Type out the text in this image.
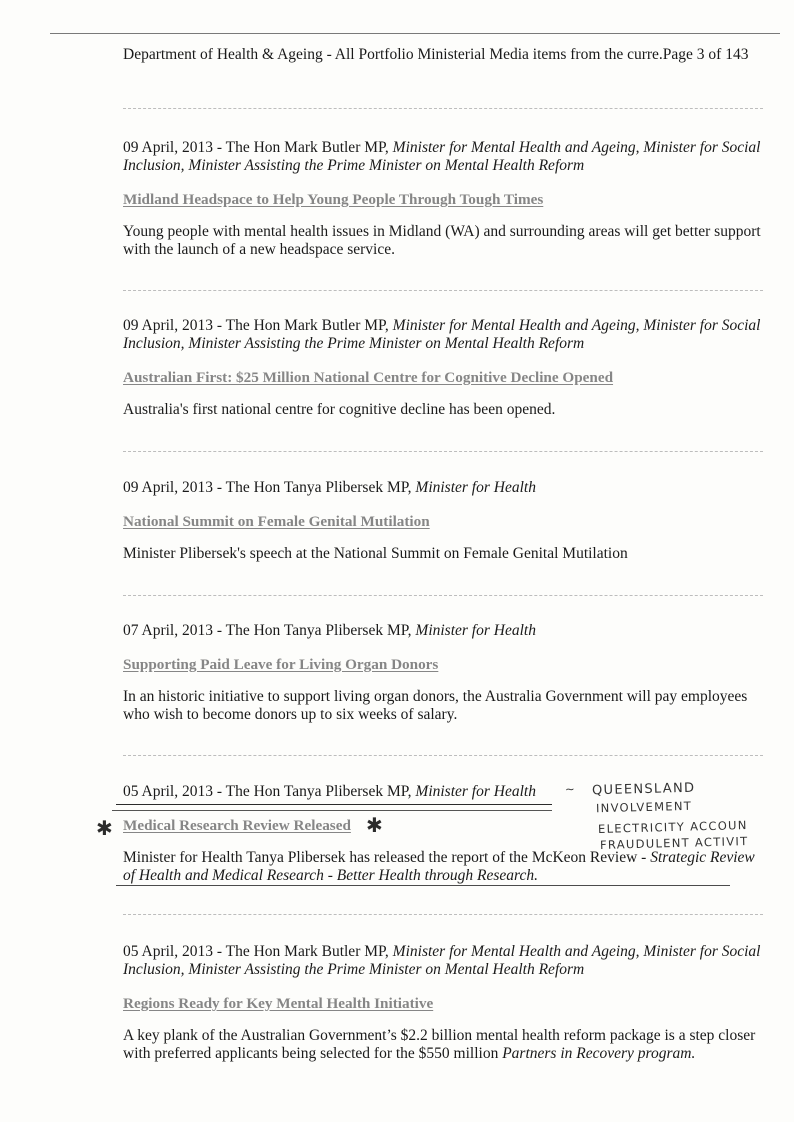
Department of Health & Ageing - All Portfolio Ministerial Media items from the curre.Page 3 of 143

09 April, 2013 - The Hon Mark Butler MP, Minister for Mental Health and Ageing, Minister for Social Inclusion, Minister Assisting the Prime Minister on Mental Health Reform

Midland Headspace to Help Young People Through Tough Times

Young people with mental health issues in Midland (WA) and surrounding areas will get better support with the launch of a new headspace service.

09 April, 2013 - The Hon Mark Butler MP, Minister for Mental Health and Ageing, Minister for Social Inclusion, Minister Assisting the Prime Minister on Mental Health Reform

Australian First: $25 Million National Centre for Cognitive Decline Opened

Australia's first national centre for cognitive decline has been opened.

09 April, 2013 - The Hon Tanya Plibersek MP, Minister for Health

National Summit on Female Genital Mutilation

Minister Plibersek's speech at the National Summit on Female Genital Mutilation

07 April, 2013 - The Hon Tanya Plibersek MP, Minister for Health

Supporting Paid Leave for Living Organ Donors

In an historic initiative to support living organ donors, the Australia Government will pay employees who wish to become donors up to six weeks of salary.

05 April, 2013 - The Hon Tanya Plibersek MP, Minister for Health

Medical Research Review Released

Minister for Health Tanya Plibersek has released the report of the McKeon Review - Strategic Review of Health and Medical Research - Better Health through Research.

✱	✱
~ QUEENSLAND
INVOLVEMENT
ELECTRICITY ACCOUN
FRAUDULENT ACTIVIT

05 April, 2013 - The Hon Mark Butler MP, Minister for Mental Health and Ageing, Minister for Social Inclusion, Minister Assisting the Prime Minister on Mental Health Reform

Regions Ready for Key Mental Health Initiative

A key plank of the Australian Government’s $2.2 billion mental health reform package is a step closer with preferred applicants being selected for the $550 million Partners in Recovery program.
